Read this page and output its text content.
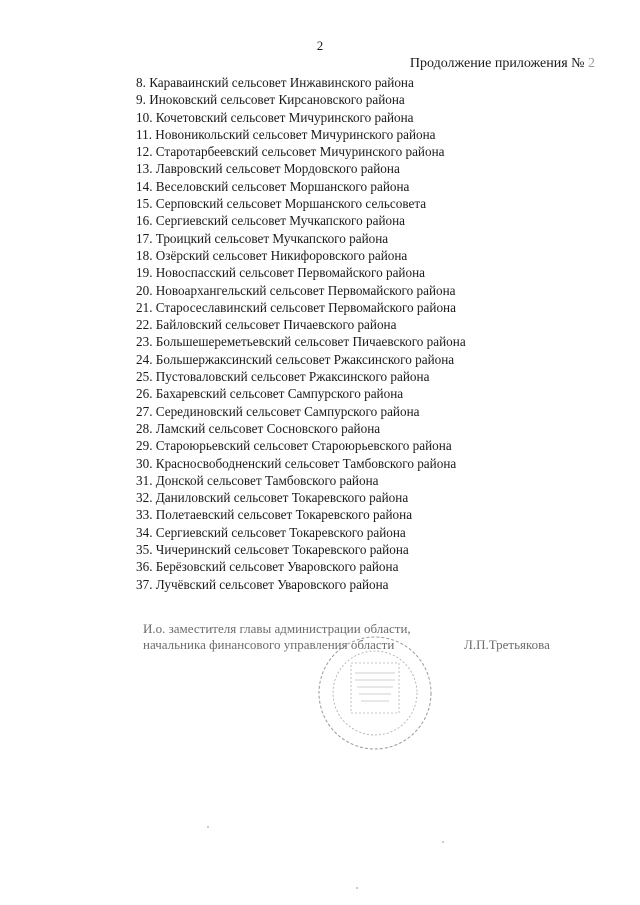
2
Продолжение приложения № 2
8. Караваинский сельсовет Инжавинского района
9. Иноковский сельсовет Кирсановского района
10. Кочетовский сельсовет Мичуринского района
11. Новоникольский сельсовет Мичуринского района
12. Старотарбеевский сельсовет Мичуринского района
13. Лавровский сельсовет Мордовского района
14. Веселовский сельсовет Моршанского района
15. Серповский сельсовет Моршанского сельсовета
16. Сергиевский сельсовет Мучкапского района
17. Троицкий сельсовет Мучкапского района
18. Озёрский сельсовет Никифоровского района
19. Новоспасский сельсовет Первомайского района
20. Новоархангельский сельсовет Первомайского района
21. Старосеславинский сельсовет Первомайского района
22. Байловский сельсовет Пичаевского района
23. Большешереметьевский сельсовет Пичаевского района
24. Большержаксинский сельсовет Ржаксинского района
25. Пустоваловский сельсовет Ржаксинского района
26. Бахаревский сельсовет Сампурского района
27. Серединовский сельсовет Сампурского района
28. Ламский сельсовет Сосновского района
29. Староюрьевский сельсовет Староюрьевского района
30. Красносвободненский сельсовет Тамбовского района
31. Донской сельсовет Тамбовского района
32. Даниловский сельсовет Токаревского района
33. Полетаевский сельсовет Токаревского района
34. Сергиевский сельсовет Токаревского района
35. Чичеринский сельсовет Токаревского района
36. Берёзовский сельсовет Уваровского района
37. Лучёвский сельсовет Уваровского района
И.о. заместителя главы администрации области,
начальника финансового управления области	Л.П.Третьякова
